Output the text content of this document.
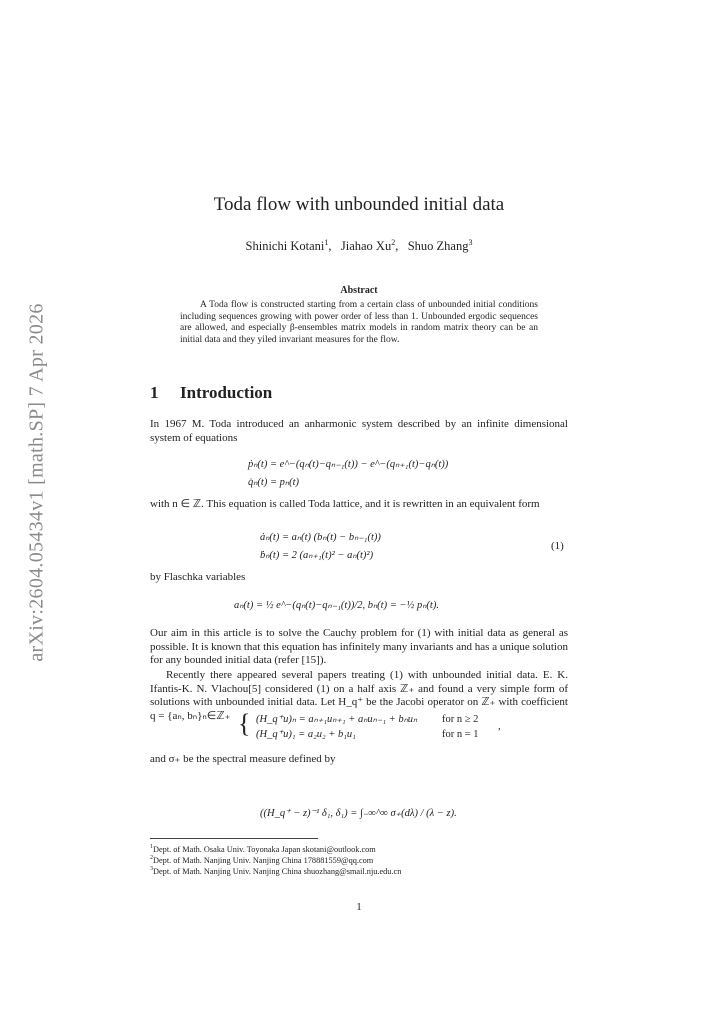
arXiv:2604.05434v1 [math.SP] 7 Apr 2026
Toda flow with unbounded initial data
Shinichi Kotani$^1$,   Jiahao Xu$^2$,   Shuo Zhang$^3$
Abstract
A Toda flow is constructed starting from a certain class of unbounded initial conditions including sequences growing with power order of less than 1. Unbounded ergodic sequences are allowed, and especially β-ensembles matrix models in random matrix theory can be an initial data and they yiled invariant measures for the flow.
1 Introduction
In 1967 M. Toda introduced an anharmonic system described by an infinite dimensional system of equations
ṗₙ(t) = e^−(qₙ(t)−qₙ₋₁(t)) − e^−(qₙ₊₁(t)−qₙ(t))
q̇ₙ(t) = pₙ(t)
with n ∈ ℤ. This equation is called Toda lattice, and it is rewritten in an equivalent form
ȧₙ(t) = aₙ(t) (bₙ(t) − bₙ₋₁(t))
ḃₙ(t) = 2 (aₙ₊₁(t)² − aₙ(t)²)
(1)
by Flaschka variables
aₙ(t) = ½ e^−(qₙ(t)−qₙ₋₁(t))/2, bₙ(t) = −½ pₙ(t).
Our aim in this article is to solve the Cauchy problem for (1) with initial data as general as possible. It is known that this equation has infinitely many invariants and has a unique solution for any bounded initial data (refer [15]).
Recently there appeared several papers treating (1) with unbounded initial data. E. K. Ifantis-K. N. Vlachou[5] considered (1) on a half axis ℤ₊ and found a very simple form of solutions with unbounded initial data. Let H_q⁺ be the Jacobi operator on ℤ₊ with coefficient q = {aₙ, bₙ}ₙ∈ℤ₊ { (H_q⁺u)ₙ = aₙ₊₁uₙ₊₁ + aₙuₙ₋₁ + bₙuₙ for n ≥ 2
(H_q⁺u)₁ = a₂u₂ + b₁u₁	for n = 1
,
and σ₊ be the spectral measure defined by
((H_q⁺ − z)⁻¹ δ₁, δ₁) = ∫₋∞^∞ σ₊(dλ) / (λ − z).
$^1$Dept. of Math. Osaka Univ. Toyonaka Japan skotani@outlook.com
$^2$Dept. of Math. Nanjing Univ. Nanjing China 178881559@qq.com
$^3$Dept. of Math. Nanjing Univ. Nanjing China shuozhang@smail.nju.edu.cn
1
